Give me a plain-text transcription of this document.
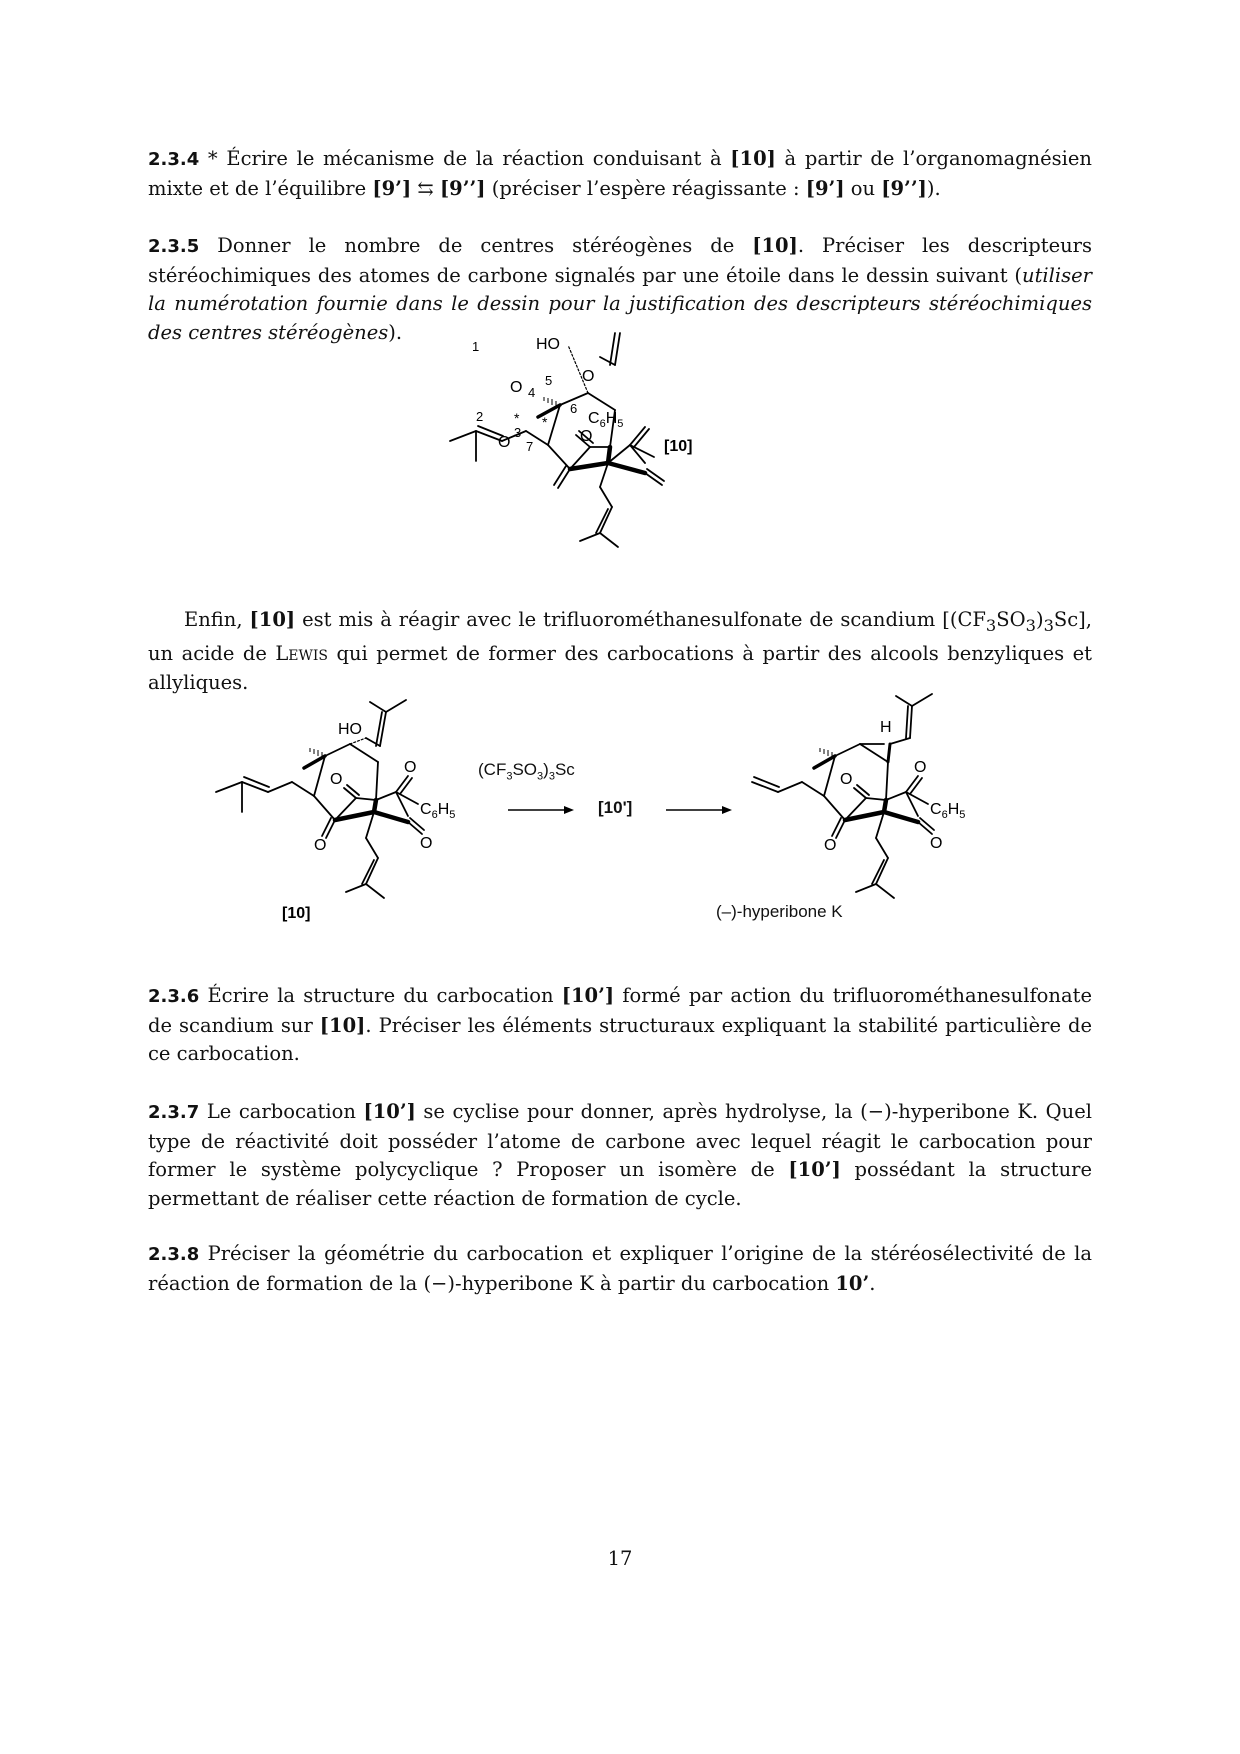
2.3.4 * Écrire le mécanisme de la réaction conduisant à [10] à partir de l’organomagnésien mixte et de l’équilibre [9’] ⇆ [9’’] (préciser l’espère réagissante : [9’] ou [9’’]).

2.3.5 Donner le nombre de centres stéréogènes de [10]. Préciser les descripteurs stéréochimiques des atomes de carbone signalés par une étoile dans le dessin suivant (utiliser la numérotation fournie dans le dessin pour la justification des descripteurs stéréochimiques des centres stéréogènes).

HO
1
2 *
3
4
5
6
7
*
O
O
O
O
$C_6H_5$
[10]

Enfin, [10] est mis à réagir avec le trifluorométhanesulfonate de scandium $[(CF_3SO_3)_3Sc]$, un acide de Lewis qui permet de former des carbocations à partir des alcools benzyliques et allyliques.

HO
O
O
O
O
$C_6H_5$
[10]
$(CF_3SO_3)_3Sc$
[10']
H
O
O
O
O
$C_6H_5$
(–)-hyperibone K

2.3.6 Écrire la structure du carbocation [10’] formé par action du trifluorométhanesulfonate de scandium sur [10]. Préciser les éléments structuraux expliquant la stabilité particulière de ce carbocation.

2.3.7 Le carbocation [10’] se cyclise pour donner, après hydrolyse, la (−)-hyperibone K. Quel type de réactivité doit posséder l’atome de carbone avec lequel réagit le carbocation pour former le système polycyclique ? Proposer un isomère de [10’] possédant la structure permettant de réaliser cette réaction de formation de cycle.

2.3.8 Préciser la géométrie du carbocation et expliquer l’origine de la stéréosélectivité de la réaction de formation de la (−)-hyperibone K à partir du carbocation 10’.

17
